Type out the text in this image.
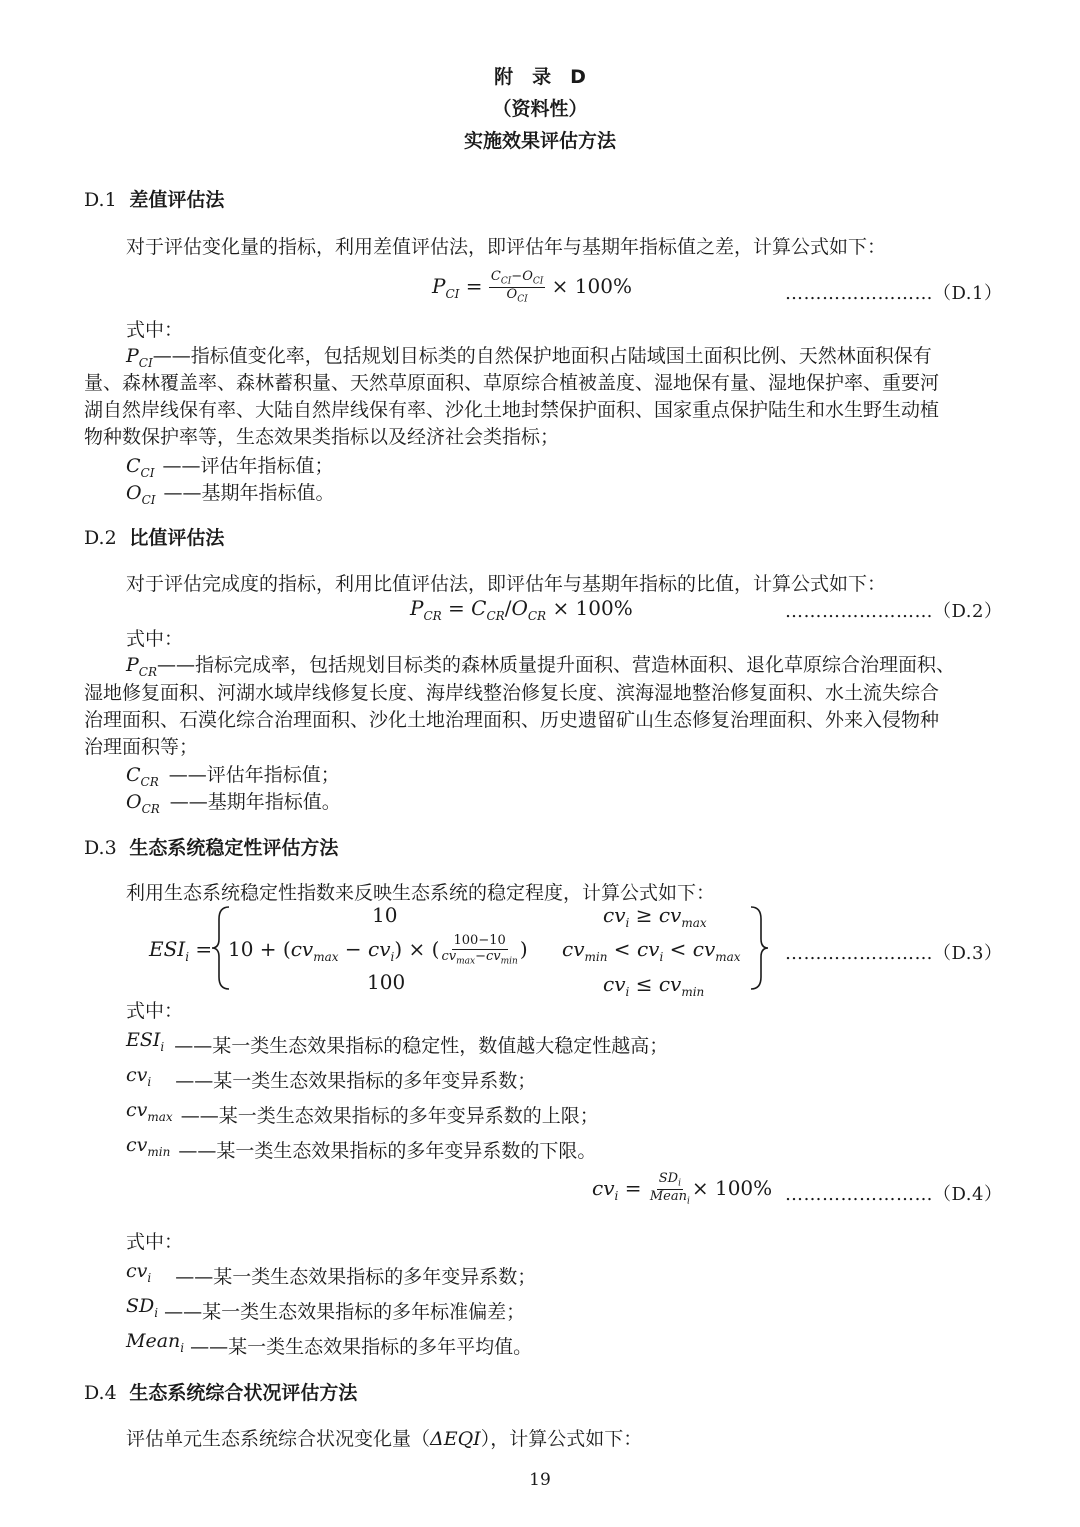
附　录　D
（资料性）
实施效果评估方法
D.1 差值评估法
对于评估变化量的指标，利用差值评估法，即评估年与基期年指标值之差，计算公式如下：
$P_{CI} = \frac{C_{CI}-O_{CI}}{O_{CI}} \times 100\%$	……………………（D.1）
式中：
$P_{CI}——$指标值变化率，包括规划目标类的自然保护地面积占陆域国土面积比例、天然林面积保有
量、森林覆盖率、森林蓄积量、天然草原面积、草原综合植被盖度、湿地保有量、湿地保护率、重要河
湖自然岸线保有率、大陆自然岸线保有率、沙化土地封禁保护面积、国家重点保护陆生和水生野生动植
物种数保护率等，生态效果类指标以及经济社会类指标；
$C_{CI}$ ——评估年指标值；
$O_{CI}$ ——基期年指标值。
D.2 比值评估法
对于评估完成度的指标，利用比值评估法，即评估年与基期年指标的比值，计算公式如下：
$P_{CR} = C_{CR}/O_{CR} \times 100\%$	……………………（D.2）
式中：
$P_{CR}——$指标完成率，包括规划目标类的森林质量提升面积、营造林面积、退化草原综合治理面积、
湿地修复面积、河湖水域岸线修复长度、海岸线整治修复长度、滨海湿地整治修复面积、水土流失综合
治理面积、石漠化综合治理面积、沙化土地治理面积、历史遗留矿山生态修复治理面积、外来入侵物种
治理面积等；
$C_{CR}$ ——评估年指标值；
$O_{CR}$ ——基期年指标值。
D.3 生态系统稳定性评估方法
利用生态系统稳定性指数来反映生态系统的稳定程度，计算公式如下：
$ESI_i$ =
10	$cv_i \ge cv_{max}$
$10 + (cv_{max} - cv_i)$ × ( $\frac{100-10}{cv_{max}-cv_{min}}$ ) $cv_{min} < cv_i < cv_{max}$
100	$cv_i \le cv_{min}$
……………………（D.3）
式中：
$ESI_i$ ——某一类生态效果指标的稳定性，数值越大稳定性越高；
$cv_i$ ——某一类生态效果指标的多年变异系数；
$cv_{max}$ ——某一类生态效果指标的多年变异系数的上限；
$cv_{min}$ ——某一类生态效果指标的多年变异系数的下限。
$cv_i = \frac{SD_i}{Mean_i} \times 100\%$ ……………………（D.4）
式中：
$cv_i$ ——某一类生态效果指标的多年变异系数；
$SD_i$ ——某一类生态效果指标的多年标准偏差；
Mean$_i$ ——某一类生态效果指标的多年平均值。
D.4 生态系统综合状况评估方法
评估单元生态系统综合状况变化量（ΔEQI），计算公式如下：
19
